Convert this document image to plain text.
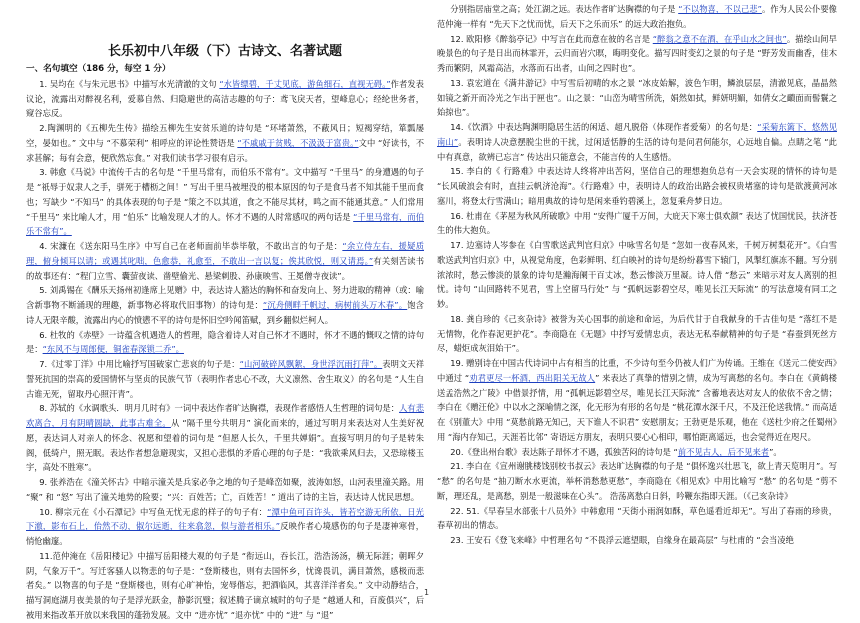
长乐初中八年级（下）古诗文、名著试题
一、名句填空（186 分，每空 1 分）

1. 吴均在《与朱元思书》中描写水光清澈的文句 “水皆缥碧，千丈见底，游鱼细石，直视无碍。”作者发表议论，流露出对醉视名利，爱慕自然、归隐避世的高洁志趣的句子：鸢飞戾天者，望峰息心；经纶世务者，窥谷忘反。

2.陶渊明的《五柳先生传》描绘五柳先生安贫乐道的诗句是 “环堵萧然，不蔽风日；短褐穿结，箪瓢屡空，晏如也。” 文中与 “不慕荣利” 相呼应的评论性赞语是 “不戚戚于贫贱，不汲汲于富贵。”文中 “好读书，不求甚解；每有会意，便欣然忘食。” 对我们读书学习很有启示。

3. 韩愈《马说》中流传千古的名句是 “千里马常有，而伯乐不常有”。文中描写 “千里马” 的身遭遇的句子是 “祇辱于奴隶人之手，骈死于槽枥之间！” 写出千里马被埋没的根本原因的句子是食马者不知其能千里而食也；写缺少 “不知马” 的具体表现的句子是 “策之不以其道，食之不能尽其材，鸣之而不能通其意。” 人们常用 “千里马” 来比喻人才，用 “伯乐” 比喻发现人才的人。怀才不遇的人时常感叹的两句话是 “千里马常有，而伯乐不常有”。

4. 宋濂在《送东阳马生序》中写自己在老师面前毕恭毕敬，不敢出言的句子是：“余立侍左右，援疑质理，俯身倾耳以请；或遇其叱咄，色愈恭，礼愈至，不敢出一言以复；俟其欣悦，则又请焉。”有关刻苦读书的故事还有：“程门立雪、囊萤夜读、凿壁偷光、悬梁刺股、孙康映雪、王冕僧寺夜读”。

5. 刘禹锡在《酬乐天扬州初逢席上见赠》中，表达诗人豁达的胸怀和奋发向上、努力进取的精神（或：喻含新事物不断涌现的理趣，新事物必将取代旧事物）的诗句是：“沉舟侧畔千帆过，病树前头万木春”。饱含诗人无限辛酸，流露出内心的愤懑不平的诗句是怀旧空吟闻笛赋，到乡翻似烂柯人。

6. 杜牧的《赤壁》一诗蕴含机遇造人的哲理，隐含着诗人对自己怀才不遇时，怀才不遇的慨叹之情的诗句是：“东风不与周郎便，铜雀春深锁二乔”。

7.《过零丁洋》中用比喻抒写国破家亡悲哀的句子是：“山河破碎风飘絮，身世浮沉雨打萍”。表明文天祥誓死抗国的崇高的爱国情怀与坚贞的民族气节（表明作者忠心不改，大义凛然、舍生取义）的名句是 “人生自古谁无死，留取丹心照汗青”。

8. 苏轼的《水调歌头．明月几时有》一词中表达作者旷达胸襟，表现作者感悟人生哲理的词句是：人有悲欢离合，月有阴晴圆缺，此事古难全。从 “隔千里兮共明月” 演化而来的，通过写明月来表达对人生美好祝愿，表达词人对亲人的怀念、祝愿和望着的词句是 “但愿人长久，千里共婵娟”。直接写明月的句子是转朱阁，低绮户，照无眠。表达作者想急避现实，又担心悲惧的矛盾心理的句子是：“我欲乘风归去，又恐琼楼玉宇，高处不胜寒”。

9. 张养浩在《潼关怀古》中暗示潼关是兵家必争之地的句子是峰峦如聚，波涛如怒，山河表里潼关路。用 “聚” 和 “怒” 写出了潼关地势的险要；“兴：百姓苦；亡，百姓苦！” 道出了诗的主旨，表达诗人忧民思想。

10. 柳宗元在《小石潭记》中写鱼无忧无虑的样子的句子有：“潭中鱼可百许头，皆若空游无所依，日光下澈，影布石上，佁然不动，俶尔远逝，往来翕忽，似与游者相乐。”反映作者心境感伤的句子是凄神寒骨，悄怆幽邃。

11.范仲淹在《岳阳楼记》中描写岳阳楼大观的句子是 “衔远山，吞长江，浩浩汤汤，横无际涯；朝晖夕阴，气象万千”。写迁客骚人以物悲的句子是：“登斯楼也，则有去国怀乡，忧谗畏讥，满目萧然，感极而悲者矣。” 以物喜的句子是 “登斯楼也，则有心旷神怡，宠辱偕忘，把酒临风，其喜洋洋者矣。” 文中动静结合，描写洞庭湖月夜美景的句子是浮光跃金，静影沉璧；叙述腾子谪京城时的句子是 “越通人和，百废俱兴”，后被用来指改革开放以来我国的蓬勃发展。文中 “进亦忧” “退亦忧” 中的 “进” 与 “退”

分别指居庙堂之高；处江湖之远。表达作者旷达胸襟的句子是 “不以物喜，不以己悲”。作为人民公仆要像范仲淹一样有 “先天下之忧而忧，后天下之乐而乐” 的远大政治抱负。

12. 欧阳修《醉翁亭记》中写言在此而意在彼的名言是 “醉翁之意不在酒，在乎山水之间也”。描绘山间早晚景色的句子是日出而林霏开，云归而岩穴暝，晦明变化。描写四时变幻之景的句子是 “野芳发而幽香，佳木秀而繁阴，风霜高洁，水落而石出者，山间之四时也”。

13. 袁宏道在《满井游记》中写雪后初晴的水之景 “冰皮始解，波色乍明，鳞浪层层，清澈见底，晶晶然如镜之新开而冷光之乍出于匣也”。山之景：“山峦为晴雪所洗，娟然如拭，鲜妍明媚，如倩女之靧面而髻鬟之始掠也”。

14.《饮酒》中表达陶渊明隐居生活的闲适、超凡脱俗（体现作者爱菊）的名句是：“采菊东篱下，悠然见南山”。表明诗人决意摆脱尘世的干扰，过闲适恬静的生活的诗句是问君何能尔，心远地自偏。点睛之笔 “此中有真意，欲辨已忘言” 传达出只能意会，不能言传的人生感悟。

15. 李白的《 行路难》中表达诗人终将冲出苦闷，坚信自己的理想抱负总有一天会实现的情怀的诗句是 “长风破浪会有时，直挂云帆济沧海”。《行路难》中，表明诗人的政治出路会被权贵堵塞的诗句是欲渡黄河冰塞川，将登太行雪满山；暗用典故的诗句是闲来垂钓碧溪上，忽复乘舟梦日边。

16. 杜甫在《茅屋为秋风所破歌》中用 “安得广厦千万间，大庇天下寒士俱欢颜” 表达了忧国忧民，扶济苍生的伟大抱负。

17. 边塞诗人岑参在《白雪歌送武判官归京》中咏雪名句是 “忽如一夜春风来，千树万树梨花开”。《白雪歌送武判官归京》中，从视觉角度，色彩鲜明、红白映衬的诗句是纷纷暮雪下辕门，风掣红旗冻不翻。写分别浓浓时，愁云惨淡的景象的诗句是瀚海阑干百丈冰，愁云惨淡万里凝。诗人借 “愁云” 来暗示对友人离别的担忧。诗句 “山回路转不见君，雪上空留马行处” 与 “孤帆远影碧空尽，唯见长江天际流” 的写法意境有同工之妙。

18. 龚自珍的《己亥杂诗》被誉为关心国事的前途和命运，为后代甘于自我献身的千古佳句是 “落红不是无情物，化作春泥更护花”。李商隐在《无题》中抒写爱情忠贞，表达无私奉献精神的句子是 “春蚕到死丝方尽，蜡炬成灰泪始干”。

19. 赠别诗在中国古代诗词中占有相当的比重，不少诗句至今仍被人们广为传诵。王维在《送元二使安西》中通过 “劝君更尽一杯酒，西出阳关无故人” 来表达了真挚的惜别之情，成为写离愁的名句。李白在《黄鹤楼送孟浩然之广陵》中借景抒情，用 “孤帆远影碧空尽，唯见长江天际流” 含蓄地表达对友人的依依不舍之情；李白在《赠汪伦》中以水之深喻情之深，化无形为有形的名句是 “桃花潭水深千尺，不及汪伦送我情。” 而高适在《别董大》中用 “莫愁前路无知己，天下谁人不识君” 安慰朋友；王勃更是乐观，他在《送杜少府之任蜀州》用 “海内存知己，天涯若比邻” 寄语远方朋友，表明只要心心相印，哪怕距离遥远，也会觉得近在咫尺。

20.《登出州台歌》表达陈子昂怀才不遇，孤独苦闷的诗句是 “前不见古人，后不见来者”。

21. 李白在《宣州谢朓楼饯别校书叔云》表达旷达胸襟的句子是 “俱怀逸兴壮思飞，欲上青天览明月”。写 “愁” 的名句是 “抽刀断水水更流，举杯消愁愁更愁”，李商隐在《相见欢》中用比喻写 “愁” 的名句是 “剪不断，理还乱，是离愁，别是一般滋味在心头”。 浩荡离愁白日斜，吟鞭东指即天涯。（《己亥杂诗》

22. 51.《早春呈水部张十八员外》中韩愈用 “天街小雨润如酥，草色遥看近却无”。写出了春雨的珍贵，春草初出的情态。

23. 王安石《登飞来峰》中哲理名句 “不畏浮云遮望眼，自缘身在最高层” 与杜甫的 “会当凌绝

1
